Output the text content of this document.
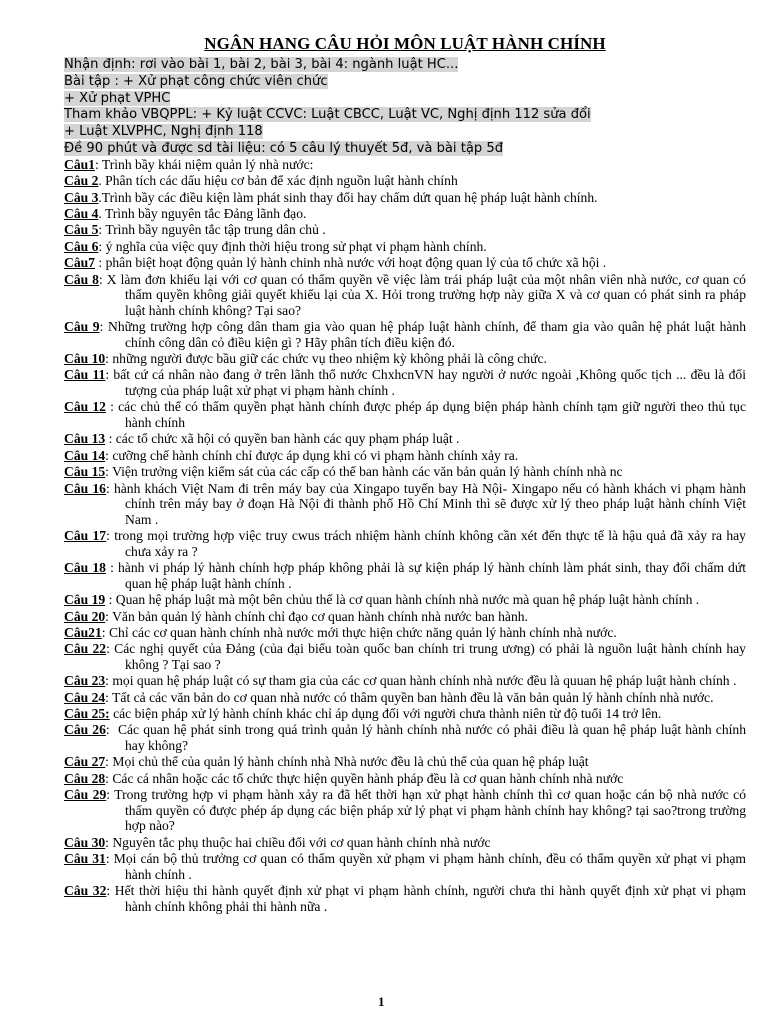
NGÂN HANG CÂU HỎI MÔN LUẬT HÀNH CHÍNH
Nhận định: rơi vào bài 1, bài 2, bài 3, bài 4: ngành luật HC...
Bài tập : + Xử phạt công chức viên chức
+ Xử phạt VPHC
Tham khảo VBQPPL: + Kỷ luật CCVC: Luật CBCC, Luật VC, Nghị định 112 sửa đổi
+ Luật XLVPHC, Nghị định 118
Đề 90 phút và được sd tài liệu: có 5 câu lý thuyết 5đ, và bài tập 5đ
Câu1: Trình bầy khái niệm quản lý nhà nước:
Câu 2. Phân tích các dấu hiệu cơ bản để xác định nguồn luật hành chính
Câu 3.Trình bầy các điều kiện làm phát sinh thay đổi hay chấm dứt quan hệ pháp luật hành chính.
Câu 4. Trình bầy nguyên tắc Đảng lãnh đạo.
Câu 5: Trình bầy nguyên tắc tập trung dân chủ .
Câu 6: ý nghĩa của việc quy định thời hiệu trong sử phạt vi phạm hành chính.
Câu7 : phân biệt hoạt động quản lý hành chinh nhà nước với hoạt động quan lý của tổ chức xã hội .
Câu 8: X làm đơn khiếu lại với cơ quan có thẩm quyền về việc làm trái pháp luật của một nhân viên nhà nước, cơ quan có thẩm quyền không giải quyết khiếu lại của X. Hỏi trong trường hợp này giữa X và cơ quan có phát sinh ra pháp luật hành chính không? Tại sao?
Câu 9: Những trường hợp công dân tham gia vào quan hệ pháp luật hành chính, để tham gia vào quân hệ phát luật hành chính công dân cỏ điều kiện gì ? Hãy phân tích điều kiện đó.
Câu 10: những người được bầu giữ các chức vụ theo nhiệm kỳ không phải là công chức.
Câu 11: bất cứ cá nhân nào đang ở trên lãnh thổ nước ChxhcnVN hay người ở nước ngoài ,Không quốc tịch ... đều là đối tượng của pháp luật xử phạt vi phạm hành chính .
Câu 12 : các chủ thể có thẩm quyền phạt hành chính được phép áp dụng biện pháp hành chính tạm giữ người theo thủ tục hành chính
Câu 13 : các tổ chức xã hội có quyền ban hành các quy phạm pháp luật .
Câu 14: cưỡng chế hành chính chỉ được áp dụng khi có vi phạm hành chính xảy ra.
Câu 15: Viện trưởng viện kiểm sát của các cấp có thể ban hành các văn bản quản lý hành chính nhà nc
Câu 16: hành khách Việt Nam đi trên máy bay của Xingapo tuyến bay Hà Nội- Xingapo nếu có hành khách vi phạm hành chính trên máy bay ở đoạn Hà Nội đi thành phố Hồ Chí Minh thì sẽ được xử lý theo pháp luật hành chính Việt Nam .
Câu 17: trong mọi trường hợp việc truy cwus trách nhiệm hành chính không cần xét đến thực tế là hậu quả đã xảy ra hay chưa xảy ra ?
Câu 18 : hành vi pháp lý hành chính hợp pháp không phải là sự kiện pháp lý hành chính làm phát sinh, thay đổi chấm dứt quan hệ pháp luật hành chính .
Câu 19 : Quan hệ pháp luật mà một bên chủu thể là cơ quan hành chính nhà nước mà quan hệ pháp luật hành chính .
Câu 20: Văn bản quản lý hành chính chỉ đạo cơ quan hành chính nhà nước ban hành.
Câu21: Chỉ các cơ quan hành chính nhà nước mới thực hiện chức năng quản lý hành chính nhà nước.
Câu 22: Các nghị quyết của Đảng (của đại biểu toàn quốc ban chính tri trung ương) có phải là nguồn luật hành chính hay không ? Tại sao ?
Câu 23: mọi quan hệ pháp luật có sự tham gia của các cơ quan hành chính nhà nước đều là quuan hệ pháp luật hành chính .
Câu 24: Tất cả các văn bản do cơ quan nhà nước có thâm quyền ban hành đều là văn bản quản lý hành chính nhà nước.
Câu 25: các biện pháp xử lý hành chính khác chỉ áp dụng đối với người chưa thành niên từ độ tuổi 14 trở lên.
Câu 26:  Các quan hệ phát sinh trong quá trình quản lý hành chính nhà nước có phải điều là quan hệ pháp luật hành chính hay không?
Câu 27: Mọi chủ thể của quản lý hành chính nhà Nhà nước đều là chủ thể của quan hệ pháp luật
Câu 28: Các cá nhân hoặc các tổ chức thực hiện quyền hành pháp đều là cơ quan hành chính nhà nước
Câu 29: Trong trường hợp vi phạm hành xảy ra đã hết thời hạn xử phạt hành chính thì cơ quan hoặc cán bộ nhà nước có thẩm quyền có được phép áp dụng các biện pháp xử lý phạt vi phạm hành chính hay không? tại sao?trong trường hợp nào?
Câu 30: Nguyên tắc phụ thuộc hai chiều đối với cơ quan hành chính nhà nước
Câu 31: Mọi cán bộ thủ trưởng cơ quan có thẩm quyền xử phạm vi phạm hành chính, đều có thẩm quyền xử phạt vi phạm hành chính .
Câu 32: Hết thời hiệu thi hành quyết định xử phạt vi phạm hành chính, người chưa thi hành quyết định xử phạt vi phạm hành chính không phải thi hành nữa .
1
